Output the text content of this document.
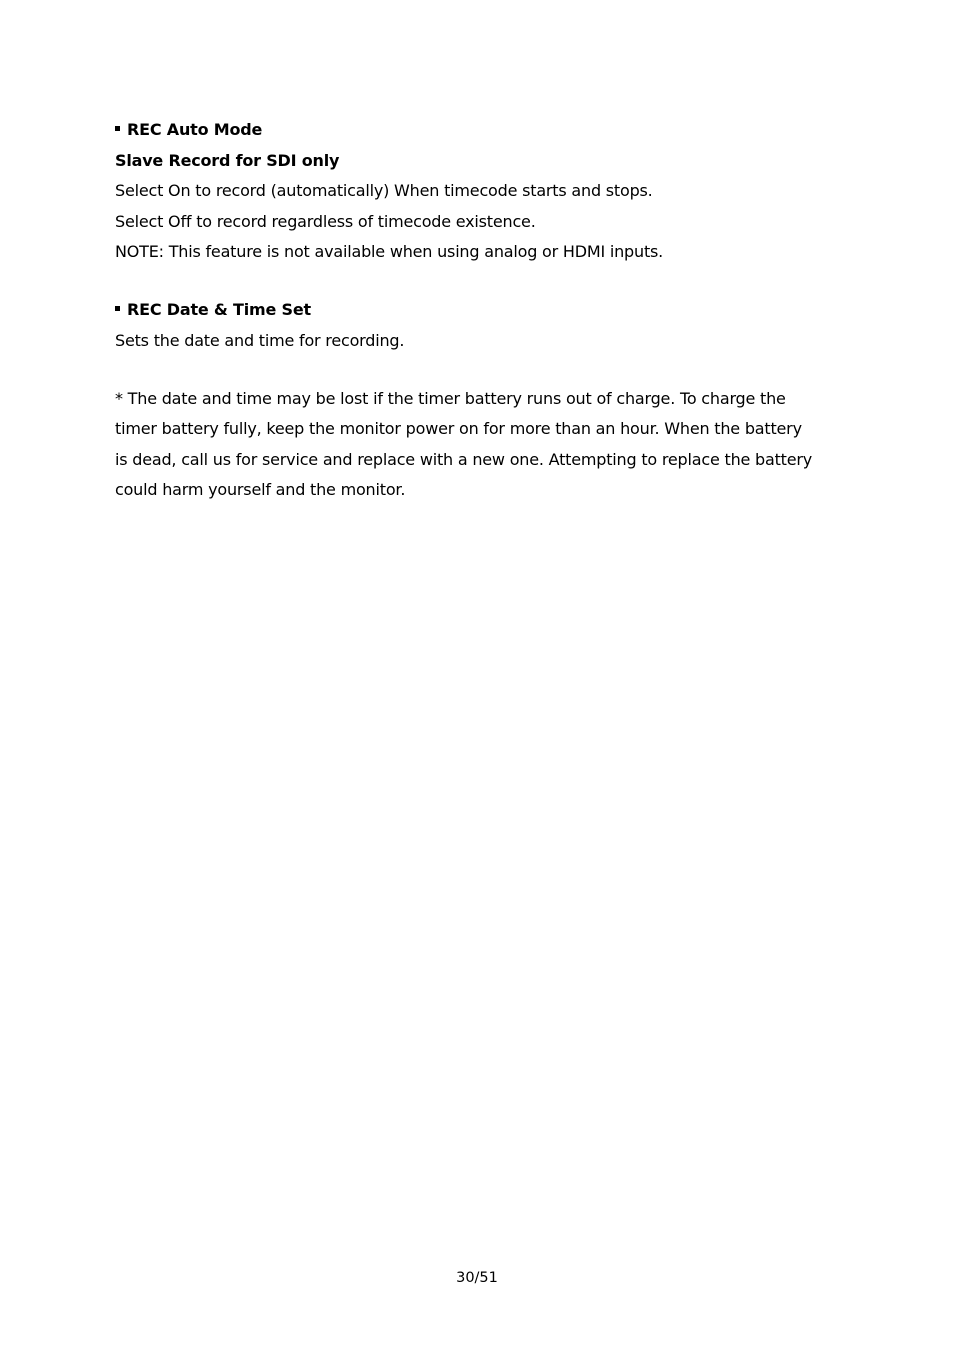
REC Auto Mode
Slave Record for SDI only
Select On to record (automatically) When timecode starts and stops.
Select Off to record regardless of timecode existence.
NOTE: This feature is not available when using analog or HDMI inputs.
REC Date & Time Set
Sets the date and time for recording.
* The date and time may be lost if the timer battery runs out of charge. To charge the
timer battery fully, keep the monitor power on for more than an hour. When the battery
is dead, call us for service and replace with a new one. Attempting to replace the battery
could harm yourself and the monitor.
30/51
